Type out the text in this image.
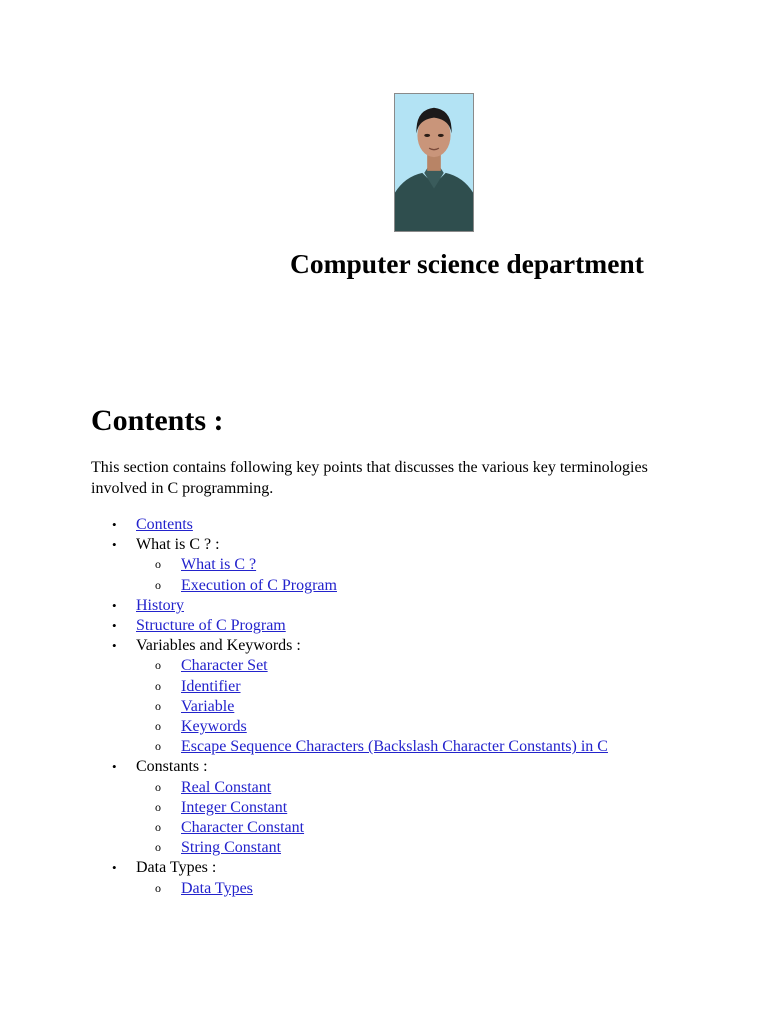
Computer science department
Contents :

This section contains following key points that discusses the various key terminologies involved in C programming.

• Contents
• What is C ? :
o What is C ?
o Execution of C Program
• History
• Structure of C Program
• Variables and Keywords :
o Character Set
o Identifier
o Variable
o Keywords
o Escape Sequence Characters (Backslash Character Constants) in C
• Constants :
o Real Constant
o Integer Constant
o Character Constant
o String Constant
• Data Types :
o Data Types
